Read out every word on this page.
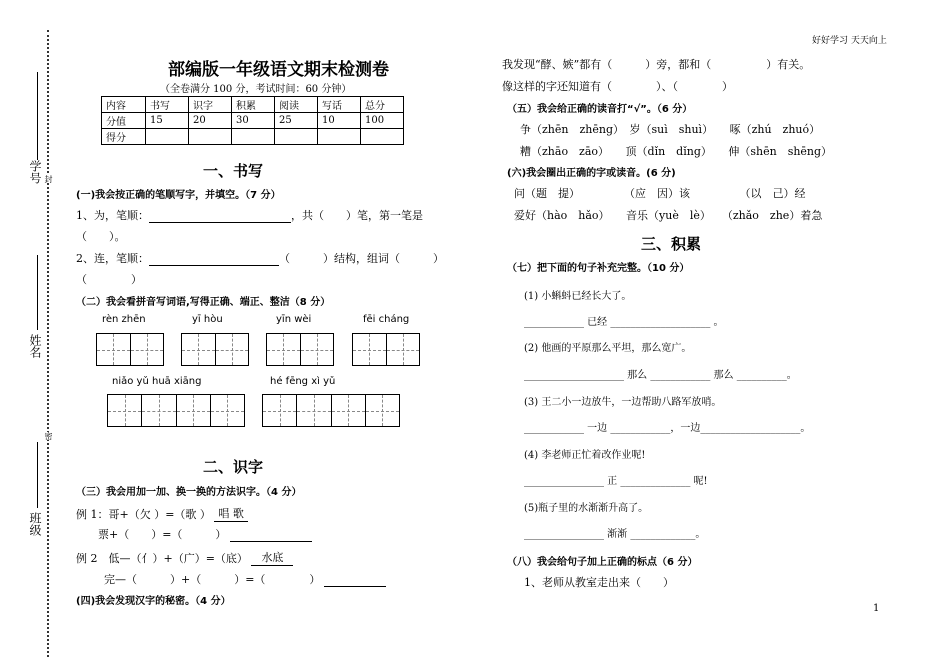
封
密
学号
姓名
班级
好好学习 天天向上
1
部编版一年级语文期末检测卷
（全卷满分 100 分，考试时间：60 分钟）
内容	书写	识字	积累	阅读	写话	总分
分值	15	20	30	25	10	100
得分						
一、书写
(一)我会按正确的笔顺写字，并填空。（7 分）
1、为，笔顺：	，共（　　）笔，第一笔是
（　　）。
2、连，笔顺：	（　　　）结构，组词（　　　）
（　　　　）
（二）我会看拼音写词语,写得正确、端正、整洁（8 分）
rèn zhēn	yī hòu	yīn wèi	fēi cháng
niǎo yǔ huā xiāng	hé fēng xì yǔ
二、识字
（三）我会用加一加、换一换的方法识字。（4 分）
例 1：哥+（欠 ）=（歌 ） 唱 歌
票+（　　）=（　　　）
例 2　低—（亻）+（广）=（底） 水底
完—（　　　）+（　　　）=（　　　　）
(四)我会发现汉字的秘密。（4 分）
我发现“酵、嫉”都有（　　　）旁，都和（　　　　　）有关。
像这样的字还知道有（　　　　）、（　　　　）
（五）我会给正确的读音打“√”。（6 分）
争（zhēn　zhēng）　岁（suì　shuì）　　啄（zhú　zhuó）
糟（zhāo　zāo）　　顶（dǐn　dǐng）　　伸（shēn　shēng）
(六)我会圈出正确的字或读音。(6 分)
问（题　提）　　　　　（应　因）该　　　　　（以　己）经
爱好（hào　hǎo）　　音乐（yuè　lè）　　（zhǎo　zhe）着急
三、积累
（七）把下面的句子补充完整。（10 分）
(1) 小蝌蚪已经长大了。
____________ 已经 ____________________ 。
(2) 他画的平原那么平坦，那么宽广。
____________________ 那么 ____________ 那么 __________。
(3) 王二小一边放牛，一边帮助八路军放哨。
____________ 一边 ____________，一边____________________。
(4) 李老师正忙着改作业呢!
________________ 正 ______________ 呢!
(5)瓶子里的水渐渐升高了。
________________ 渐渐 _____________。
（八）我会给句子加上正确的标点（6 分）
1、老师从教室走出来（　　）
